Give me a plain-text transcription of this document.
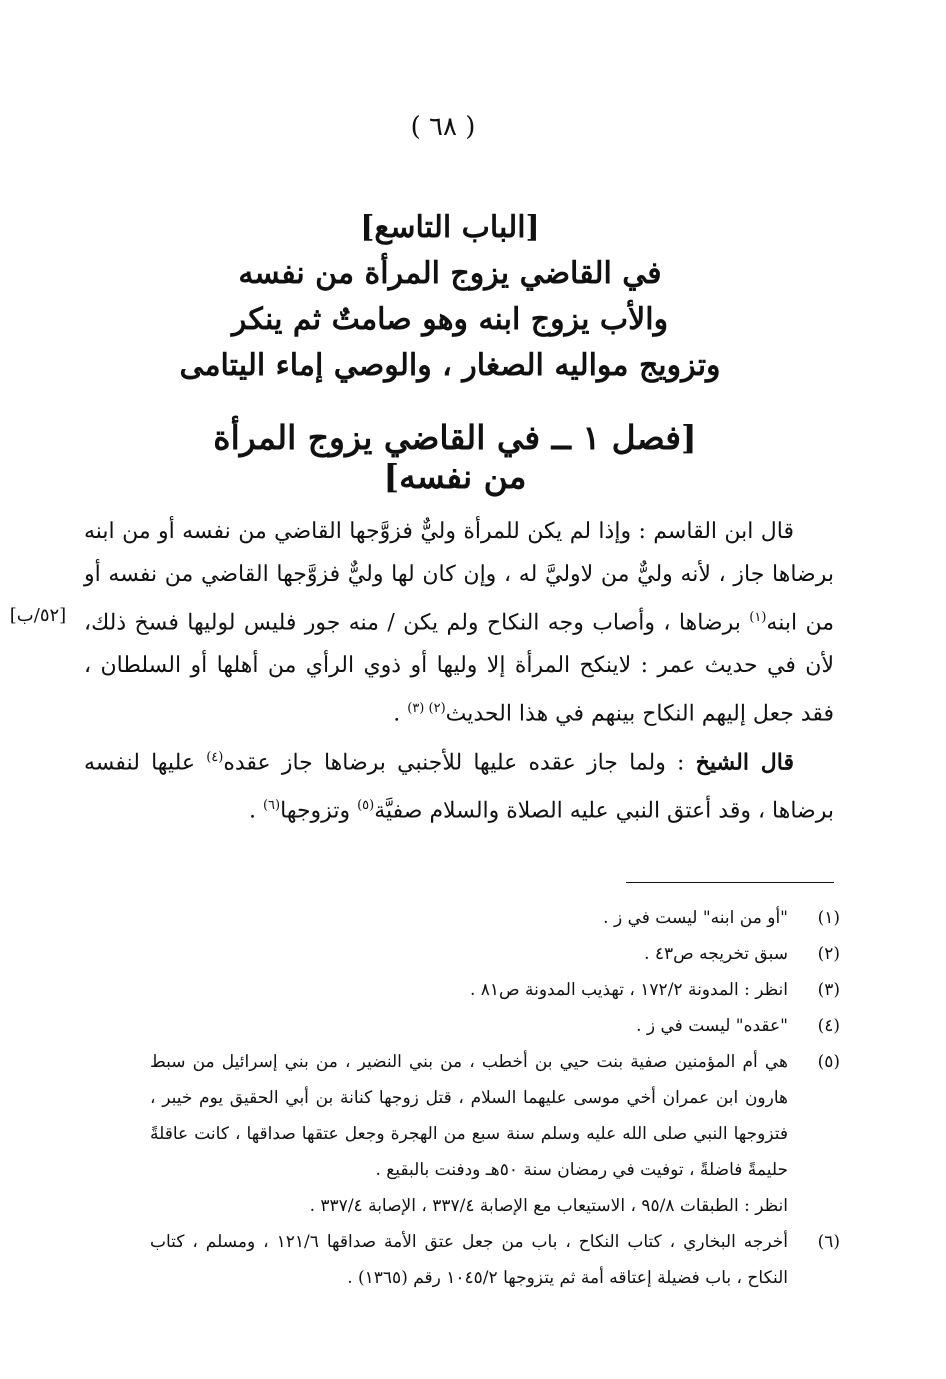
( ٦٨ )
[الباب التاسع]
في القاضي يزوج المرأة من نفسه
والأب يزوج ابنه وهو صامتٌ ثم ينكر
وتزويج مواليه الصغار ، والوصي إماء اليتامى
[فصل ١ ــ في القاضي يزوج المرأة من نفسه]

قال ابن القاسم : وإذا لم يكن للمرأة وليٌّ فزوَّجها القاضي من نفسه أو من ابنه برضاها جاز ، لأنه وليٌّ من لاوليَّ له ، وإن كان لها وليٌّ فزوَّجها القاضي من نفسه أو من ابنه$^{(١)}$ برضاها ، وأصاب وجه النكاح ولم يكن / منه جور فليس لوليها فسخ ذلك، لأن في حديث عمر : لاينكح المرأة إلا وليها أو ذوي الرأي من أهلها أو السلطان ، فقد جعل إليهم النكاح بينهم في هذا الحديث$^{(٢) (٣)}$ .

قال الشيخ : ولما جاز عقده عليها للأجنبي برضاها جاز عقده$^{(٤)}$ عليها لنفسه برضاها ، وقد أعتق النبي عليه الصلاة والسلام صفيَّة$^{(٥)}$ وتزوجها$^{(٦)}$ .

[٥٢/ب]
(١)
"أو من ابنه" ليست في ز .
(٢)
سبق تخريجه ص٤٣ .
(٣)
انظر : المدونة ١٧٢/٢ ، تهذيب المدونة ص٨١ .
(٤)
"عقده" ليست في ز .
(٥)
هي أم المؤمنين صفية بنت حيي بن أخطب ، من بني النضير ، من بني إسرائيل من سبط هارون ابن عمران أخي موسى عليهما السلام ، قتل زوجها كنانة بن أبي الحقيق يوم خيبر ، فتزوجها النبي صلى الله عليه وسلم سنة سبع من الهجرة وجعل عتقها صداقها ، كانت عاقلةً حليمةً فاضلةً ، توفيت في رمضان سنة ٥٠هـ ودفنت بالبقيع .
انظر : الطبقات ٩٥/٨ ، الاستيعاب مع الإصابة ٣٣٧/٤ ، الإصابة ٣٣٧/٤ .
(٦)
أخرجه البخاري ، كتاب النكاح ، باب من جعل عتق الأمة صداقها ١٢١/٦ ، ومسلم ، كتاب النكاح ، باب فضيلة إعتاقه أمة ثم يتزوجها ١٠٤٥/٢ رقم (١٣٦٥) .
